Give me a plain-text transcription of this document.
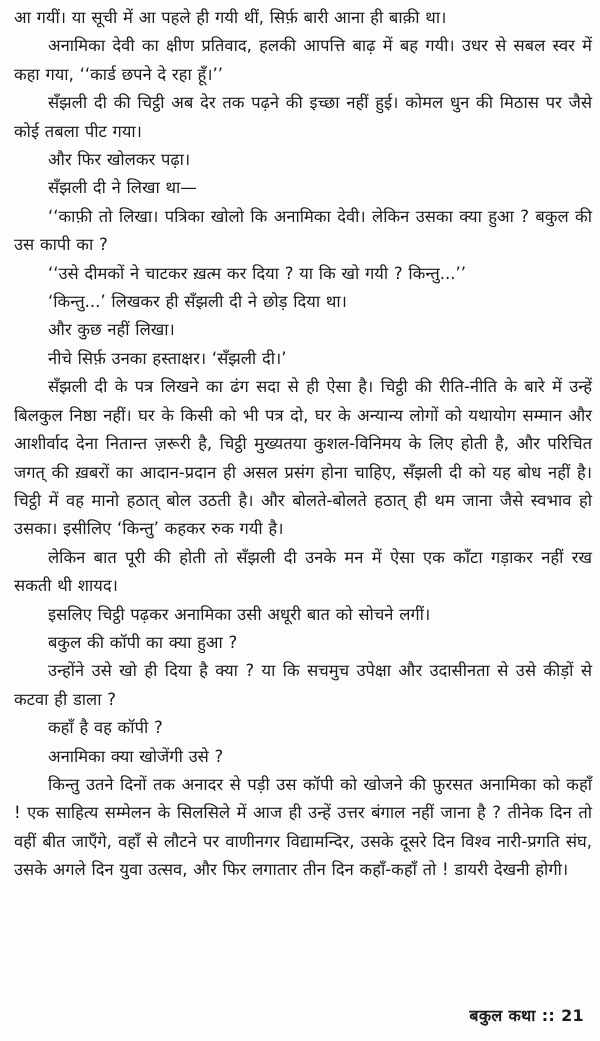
आ गयीं। या सूची में आ पहले ही गयी थीं, सिर्फ़ बारी आना ही बाक़ी था।

अनामिका देवी का क्षीण प्रतिवाद, हलकी आपत्ति बाढ़ में बह गयी। उधर से सबल स्वर में कहा गया, ‘‘कार्ड छपने दे रहा हूँ।’’

सँझली दी की चिट्ठी अब देर तक पढ़ने की इच्छा नहीं हुई। कोमल धुन की मिठास पर जैसे कोई तबला पीट गया।

और फिर खोलकर पढ़ा।

सँझली दी ने लिखा था—

‘‘काफ़ी तो लिखा। पत्रिका खोलो कि अनामिका देवी। लेकिन उसका क्या हुआ ? बकुल की उस कापी का ?

‘‘उसे दीमकों ने चाटकर ख़त्म कर दिया ? या कि खो गयी ? किन्तु...’’

‘किन्तु...’ लिखकर ही सँझली दी ने छोड़ दिया था।

और कुछ नहीं लिखा।

नीचे सिर्फ़ उनका हस्ताक्षर। ‘सँझली दी।’

सँझली दी के पत्र लिखने का ढंग सदा से ही ऐसा है। चिट्ठी की रीति-नीति के बारे में उन्हें बिलकुल निष्ठा नहीं। घर के किसी को भी पत्र दो, घर के अन्यान्य लोगों को यथायोग सम्मान और आशीर्वाद देना नितान्त ज़रूरी है, चिट्ठी मुख्यतया कुशल-विनिमय के लिए होती है, और परिचित जगत् की ख़बरों का आदान-प्रदान ही असल प्रसंग होना चाहिए, सँझली दी को यह बोध नहीं है। चिट्ठी में वह मानो हठात् बोल उठती है। और बोलते-बोलते हठात् ही थम जाना जैसे स्वभाव हो उसका। इसीलिए ‘किन्तु’ कहकर रुक गयी है।

लेकिन बात पूरी की होती तो सँझली दी उनके मन में ऐसा एक काँटा गड़ाकर नहीं रख सकती थी शायद।

इसलिए चिट्ठी पढ़कर अनामिका उसी अधूरी बात को सोचने लगीं।

बकुल की कॉपी का क्या हुआ ?

उन्होंने उसे खो ही दिया है क्या ? या कि सचमुच उपेक्षा और उदासीनता से उसे कीड़ों से कटवा ही डाला ?

कहाँ है वह कॉपी ?

अनामिका क्या खोजेंगी उसे ?

किन्तु उतने दिनों तक अनादर से पड़ी उस कॉपी को खोजने की फ़ुरसत अनामिका को कहाँ ! एक साहित्य सम्मेलन के सिलसिले में आज ही उन्हें उत्तर बंगाल नहीं जाना है ? तीनेक दिन तो वहीं बीत जाएँगे, वहाँ से लौटने पर वाणीनगर विद्यामन्दिर, उसके दूसरे दिन विश्व नारी-प्रगति संघ, उसके अगले दिन युवा उत्सव, और फिर लगातार तीन दिन कहाँ-कहाँ तो ! डायरी देखनी होगी।

बकुल कथा :: 21
